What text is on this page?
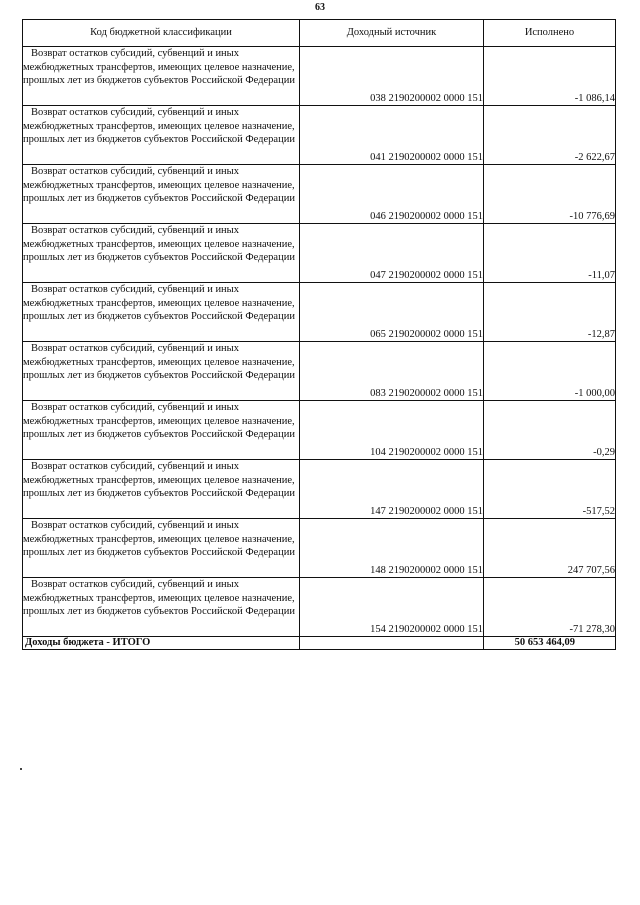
63
Код бюджетной классификации	Доходный источник	Исполнено
Возврат остатков субсидий, субвенций и иных межбюджетных трансфертов, имеющих целевое назначение, прошлых лет из бюджетов субъектов Российской Федерации	038 2190200002 0000 151	-1 086,14
Возврат остатков субсидий, субвенций и иных межбюджетных трансфертов, имеющих целевое назначение, прошлых лет из бюджетов субъектов Российской Федерации	041 2190200002 0000 151	-2 622,67
Возврат остатков субсидий, субвенций и иных межбюджетных трансфертов, имеющих целевое назначение, прошлых лет из бюджетов субъектов Российской Федерации	046 2190200002 0000 151	-10 776,69
Возврат остатков субсидий, субвенций и иных межбюджетных трансфертов, имеющих целевое назначение, прошлых лет из бюджетов субъектов Российской Федерации	047 2190200002 0000 151	-11,07
Возврат остатков субсидий, субвенций и иных межбюджетных трансфертов, имеющих целевое назначение, прошлых лет из бюджетов субъектов Российской Федерации	065 2190200002 0000 151	-12,87
Возврат остатков субсидий, субвенций и иных межбюджетных трансфертов, имеющих целевое назначение, прошлых лет из бюджетов субъектов Российской Федерации	083 2190200002 0000 151	-1 000,00
Возврат остатков субсидий, субвенций и иных межбюджетных трансфертов, имеющих целевое назначение, прошлых лет из бюджетов субъектов Российской Федерации	104 2190200002 0000 151	-0,29
Возврат остатков субсидий, субвенций и иных межбюджетных трансфертов, имеющих целевое назначение, прошлых лет из бюджетов субъектов Российской Федерации	147 2190200002 0000 151	-517,52
Возврат остатков субсидий, субвенций и иных межбюджетных трансфертов, имеющих целевое назначение, прошлых лет из бюджетов субъектов Российской Федерации	148 2190200002 0000 151	247 707,56
Возврат остатков субсидий, субвенций и иных межбюджетных трансфертов, имеющих целевое назначение, прошлых лет из бюджетов субъектов Российской Федерации	154 2190200002 0000 151	-71 278,30
Доходы бюджета - ИТОГО		50 653 464,09
